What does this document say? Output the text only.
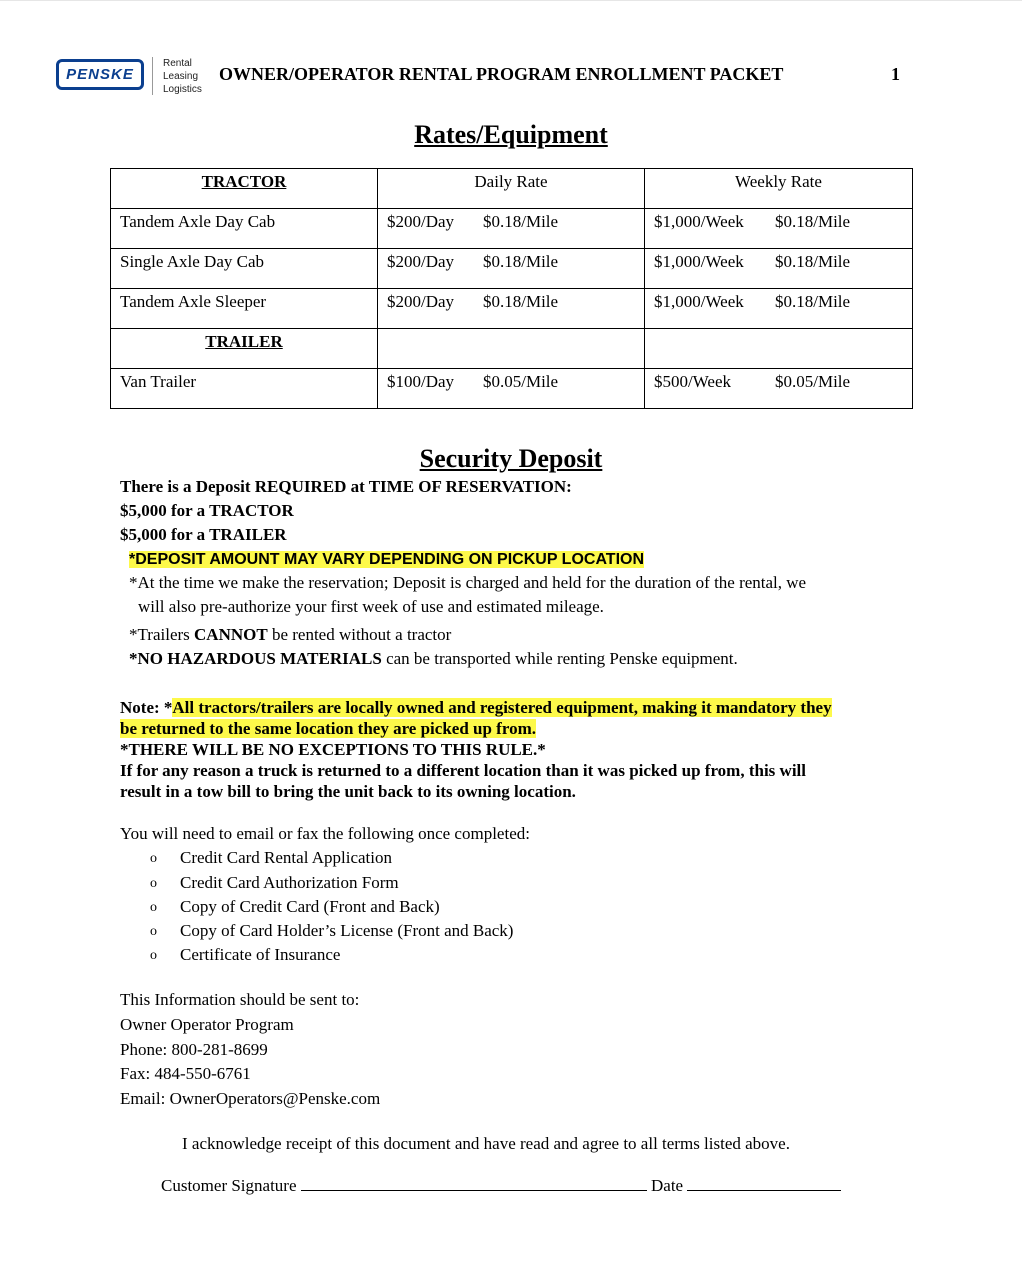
PENSKE
Rental
Leasing
Logistics
OWNER/OPERATOR RENTAL PROGRAM ENROLLMENT PACKET	1
Rates/Equipment
TRACTOR	Daily Rate	Weekly Rate
Tandem Axle Day Cab	$200/Day $0.18/Mile	$1,000/Week $0.18/Mile
Single Axle Day Cab	$200/Day $0.18/Mile	$1,000/Week $0.18/Mile
Tandem Axle Sleeper	$200/Day $0.18/Mile	$1,000/Week $0.18/Mile
TRAILER		
Van Trailer	$100/Day $0.05/Mile	$500/Week $0.05/Mile
Security Deposit
There is a Deposit REQUIRED at TIME OF RESERVATION:
$5,000 for a TRACTOR
$5,000 for a TRAILER
*DEPOSIT AMOUNT MAY VARY DEPENDING ON PICKUP LOCATION
*At the time we make the reservation; Deposit is charged and held for the duration of the rental, we
will also pre-authorize your first week of use and estimated mileage.
*Trailers CANNOT be rented without a tractor
*NO HAZARDOUS MATERIALS can be transported while renting Penske equipment.
Note: *All tractors/trailers are locally owned and registered equipment, making it mandatory they
be returned to the same location they are picked up from.
*THERE WILL BE NO EXCEPTIONS TO THIS RULE.*
If for any reason a truck is returned to a different location than it was picked up from, this will
result in a tow bill to bring the unit back to its owning location.
You will need to email or fax the following once completed:
o Credit Card Rental Application
o Credit Card Authorization Form
o Copy of Credit Card (Front and Back)
o Copy of Card Holder’s License (Front and Back)
o Certificate of Insurance
This Information should be sent to:
Owner Operator Program
Phone: 800-281-8699
Fax: 484-550-6761
Email: OwnerOperators@Penske.com
I acknowledge receipt of this document and have read and agree to all terms listed above.
Customer Signature	Date
